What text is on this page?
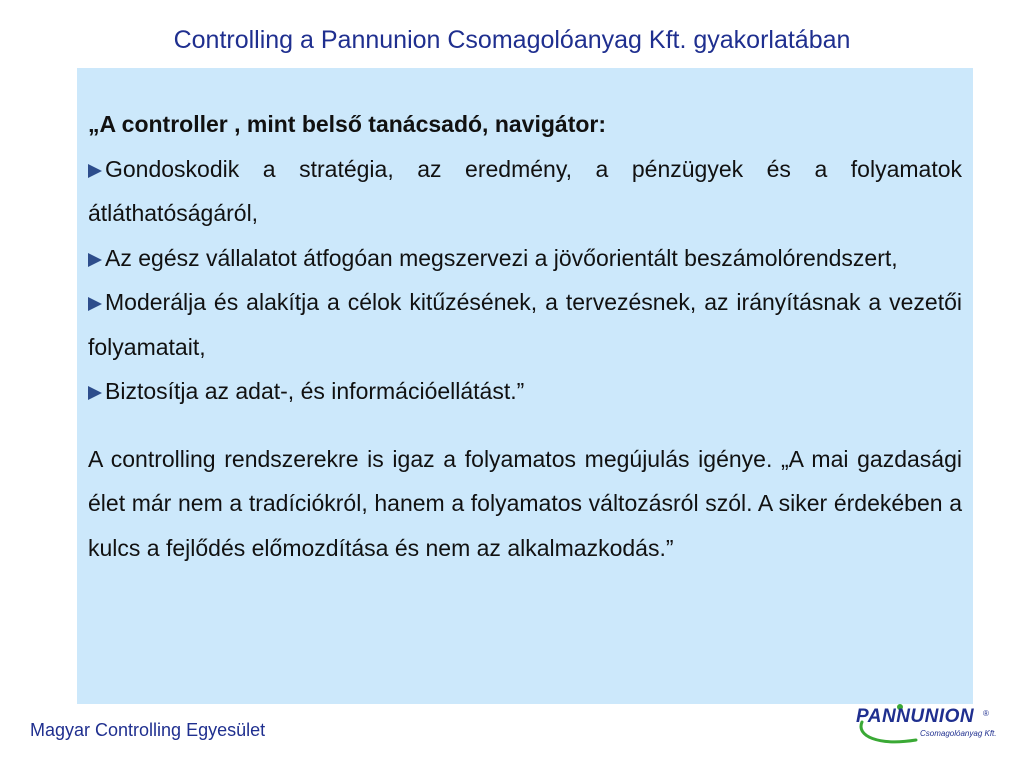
Controlling a Pannunion Csomagolóanyag Kft. gyakorlatában

„A controller , mint belső tanácsadó, navigátor:

Gondoskodik a stratégia, az eredmény, a pénzügyek és a folyamatok átláthatóságáról,

Az egész vállalatot átfogóan megszervezi a jövőorientált beszámolórendszert,

Moderálja és alakítja a célok kitűzésének, a tervezésnek, az irányításnak a vezetői folyamatait,

Biztosítja az adat-, és információellátást.”

A controlling rendszerekre is igaz a folyamatos megújulás igénye. „A mai gazdasági élet már nem a tradíciókról, hanem a folyamatos változásról szól. A siker érdekében a kulcs a fejlődés előmozdítása és nem az alkalmazkodás.”

Magyar Controlling Egyesület
PANNUNION ®
Csomagolóanyag Kft.
